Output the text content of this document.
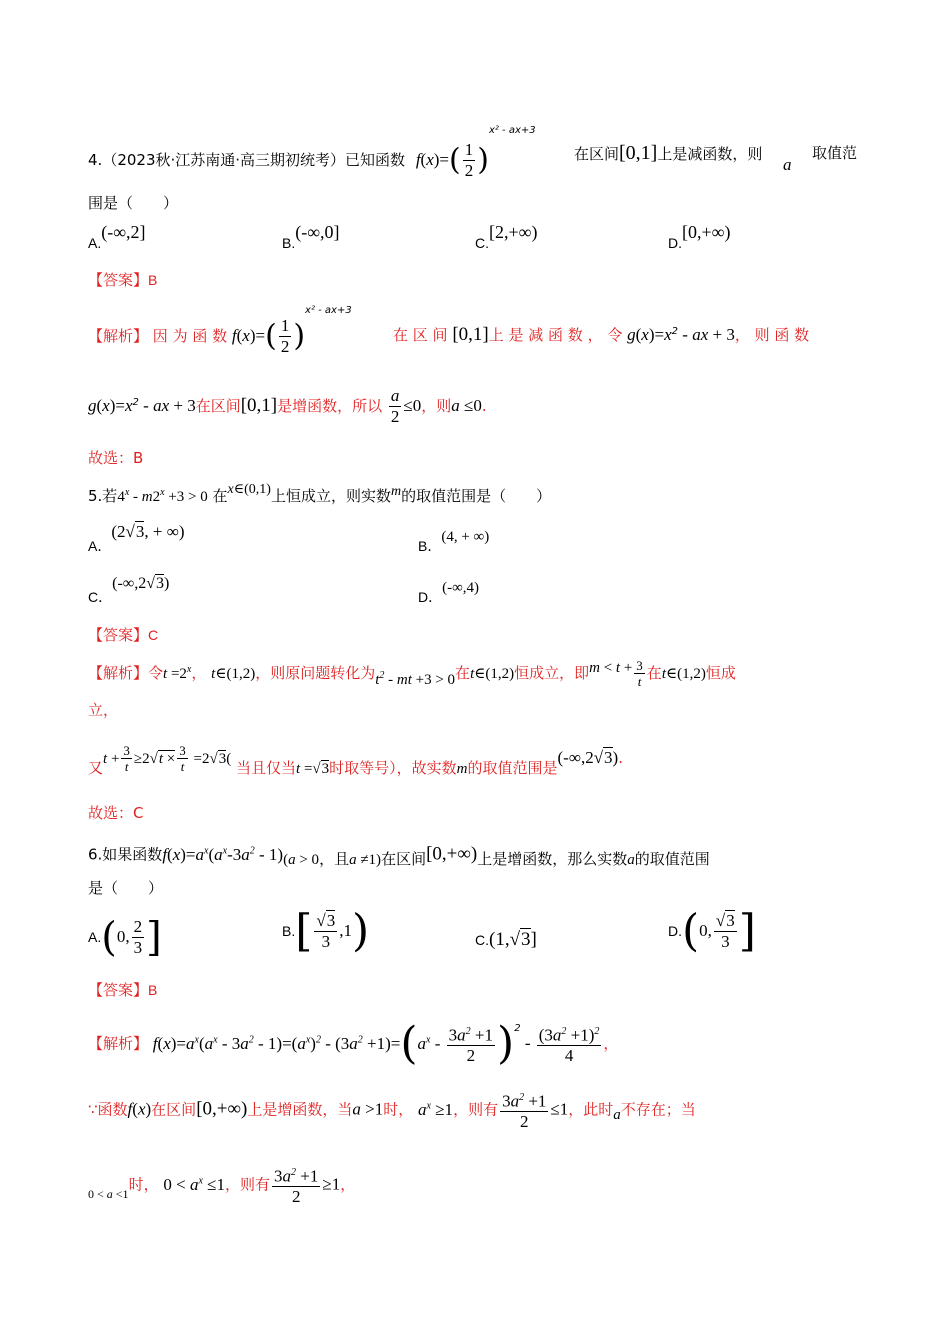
4.（2023秋·江苏南通·高三期初统考）已知函数 $f(x)=( \frac{1}{2} )^{x^2 - ax+3}$
在区间[0,1]上是减函数，则
a
取值范
围是（　　）
A.(-∞,2]
B.(-∞,0]
C.[2,+∞)
D.[0,+∞)
【答案】B
【解析】 因 为 函 数 $f(x)=( \frac{1}{2} )^{x^2 - ax+3}$
在 区 间 [0,1]上 是 减 函 数 ， 令 $g(x)=x^2$ - ax + 3， 则 函 数
$g(x)=x^2$ - ax + 3在区间[0,1]是增函数，所以 $\frac{a}{2} \le 0$，则a ≤0.
故选：B
5.若$4^x - m2^x +3 > 0$ 在x∈(0,1)上恒成立，则实数m的取值范围是（　　）
A．(2√3, + ∞)
B．(4, + ∞)
C．(-∞,2√3)
D．(-∞,4)
【答案】C
【解析】令$t =2^x$， t∈(1,2)，则原问题转化为$t^2$ - mt +3 > 0在t∈(1,2)恒成立，即$m < t + \frac{3}{t}$ 在t∈(1,2)恒成
立，
又$t + \frac{3}{t} \ge 2√t \times \frac{3}{t} =2√3$( 当且仅当t =√3时取等号），故实数m的取值范围是(-∞,2√3).
故选：C
6.如果函数$f(x)=a^x(a^x-3a^2 - 1)(a > 0$，且a ≠1)在区间[0,+∞)上是增函数，那么实数a的取值范围
是（　　）
A.(0, $\frac{2}{3}$ ]	$B.[ \frac{√3}{3} ,1)$	C.(1,√3]	D.(0, $\frac{√3}{3}$ ]
【答案】B
【解析】 $f(x)=a^x(a^x - 3a^2 - 1)=(a^x)^2 - (3a^2 +1)=(a^x - \frac{3a^2 +1}{2} )^2 - \frac{(3a^2 +1)^2}{4}$ ，
∵函数f(x)在区间[0,+∞)上是增函数，当a >1时， $a^x \ge 1$，则有 $\frac{3a^2 +1}{2} \le 1$，此时a不存在；当
$_{0 < a <1}$时， $0 < a^x \le 1$，则有 $\frac{3a^2 +1}{2} \ge 1$，
